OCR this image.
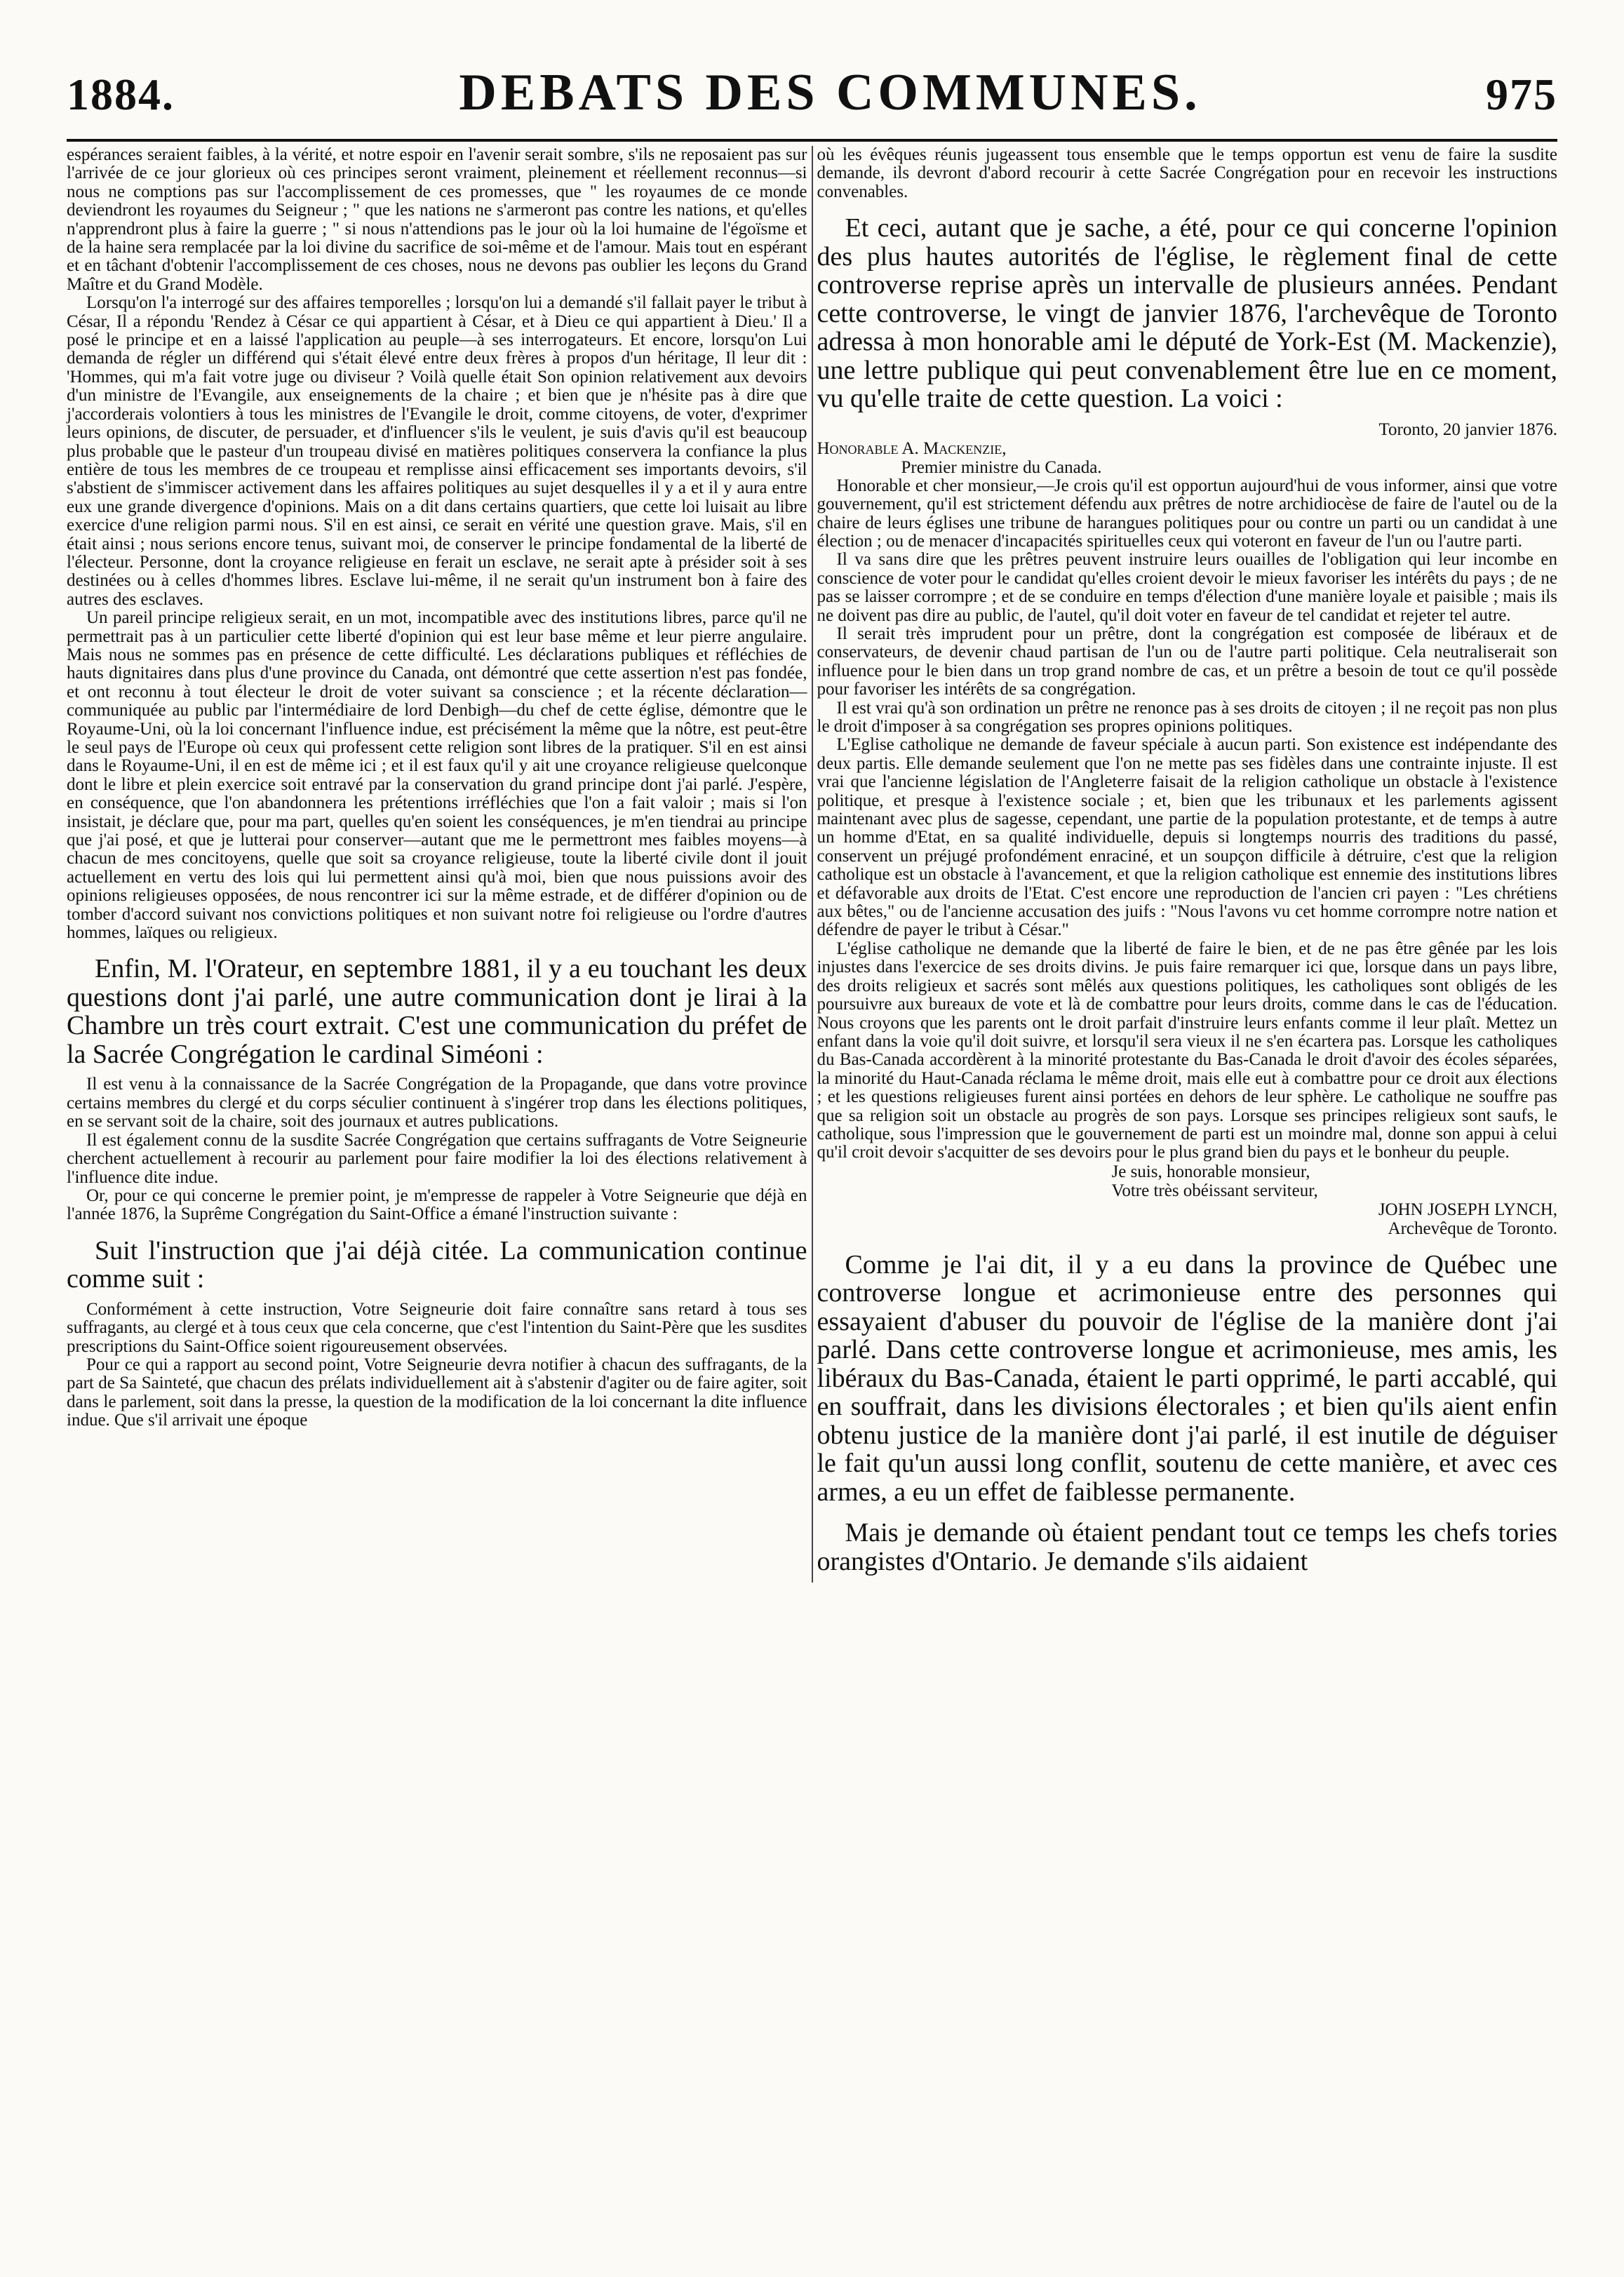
1884.	DEBATS DES COMMUNES.	975

espérances seraient faibles, à la vérité, et notre espoir en l'avenir serait sombre, s'ils ne reposaient pas sur l'arrivée de ce jour glorieux où ces principes seront vraiment, pleinement et réellement reconnus—si nous ne comptions pas sur l'accomplissement de ces promesses, que " les royaumes de ce monde deviendront les royaumes du Seigneur ; " que les nations ne s'armeront pas contre les nations, et qu'elles n'apprendront plus à faire la guerre ; " si nous n'attendions pas le jour où la loi humaine de l'égoïsme et de la haine sera remplacée par la loi divine du sacrifice de soi-même et de l'amour. Mais tout en espérant et en tâchant d'obtenir l'accomplissement de ces choses, nous ne devons pas oublier les leçons du Grand Maître et du Grand Modèle.

Lorsqu'on l'a interrogé sur des affaires temporelles ; lorsqu'on lui a demandé s'il fallait payer le tribut à César, Il a répondu 'Rendez à César ce qui appartient à César, et à Dieu ce qui appartient à Dieu.' Il a posé le principe et en a laissé l'application au peuple—à ses interrogateurs. Et encore, lorsqu'on Lui demanda de régler un différend qui s'était élevé entre deux frères à propos d'un héritage, Il leur dit : 'Hommes, qui m'a fait votre juge ou diviseur ? Voilà quelle était Son opinion relativement aux devoirs d'un ministre de l'Evangile, aux enseignements de la chaire ; et bien que je n'hésite pas à dire que j'accorderais volontiers à tous les ministres de l'Evangile le droit, comme citoyens, de voter, d'exprimer leurs opinions, de discuter, de persuader, et d'influencer s'ils le veulent, je suis d'avis qu'il est beaucoup plus probable que le pasteur d'un troupeau divisé en matières politiques conservera la confiance la plus entière de tous les membres de ce troupeau et remplisse ainsi efficacement ses importants devoirs, s'il s'abstient de s'immiscer activement dans les affaires politiques au sujet desquelles il y a et il y aura entre eux une grande divergence d'opinions. Mais on a dit dans certains quartiers, que cette loi luisait au libre exercice d'une religion parmi nous. S'il en est ainsi, ce serait en vérité une question grave. Mais, s'il en était ainsi ; nous serions encore tenus, suivant moi, de conserver le principe fondamental de la liberté de l'électeur. Personne, dont la croyance religieuse en ferait un esclave, ne serait apte à présider soit à ses destinées ou à celles d'hommes libres. Esclave lui-même, il ne serait qu'un instrument bon à faire des autres des esclaves.

Un pareil principe religieux serait, en un mot, incompatible avec des institutions libres, parce qu'il ne permettrait pas à un particulier cette liberté d'opinion qui est leur base même et leur pierre angulaire. Mais nous ne sommes pas en présence de cette difficulté. Les déclarations publiques et réfléchies de hauts dignitaires dans plus d'une province du Canada, ont démontré que cette assertion n'est pas fondée, et ont reconnu à tout électeur le droit de voter suivant sa conscience ; et la récente déclaration—communiquée au public par l'intermédiaire de lord Denbigh—du chef de cette église, démontre que le Royaume-Uni, où la loi concernant l'influence indue, est précisément la même que la nôtre, est peut-être le seul pays de l'Europe où ceux qui professent cette religion sont libres de la pratiquer. S'il en est ainsi dans le Royaume-Uni, il en est de même ici ; et il est faux qu'il y ait une croyance religieuse quelconque dont le libre et plein exercice soit entravé par la conservation du grand principe dont j'ai parlé. J'espère, en conséquence, que l'on abandonnera les prétentions irréfléchies que l'on a fait valoir ; mais si l'on insistait, je déclare que, pour ma part, quelles qu'en soient les conséquences, je m'en tiendrai au principe que j'ai posé, et que je lutterai pour conserver—autant que me le permettront mes faibles moyens—à chacun de mes concitoyens, quelle que soit sa croyance religieuse, toute la liberté civile dont il jouit actuellement en vertu des lois qui lui permettent ainsi qu'à moi, bien que nous puissions avoir des opinions religieuses opposées, de nous rencontrer ici sur la même estrade, et de différer d'opinion ou de tomber d'accord suivant nos convictions politiques et non suivant notre foi religieuse ou l'ordre d'autres hommes, laïques ou religieux.

Enfin, M. l'Orateur, en septembre 1881, il y a eu touchant les deux questions dont j'ai parlé, une autre communication dont je lirai à la Chambre un très court extrait. C'est une communication du préfet de la Sacrée Congrégation le cardinal Siméoni :

Il est venu à la connaissance de la Sacrée Congrégation de la Propagande, que dans votre province certains membres du clergé et du corps séculier continuent à s'ingérer trop dans les élections politiques, en se servant soit de la chaire, soit des journaux et autres publications.

Il est également connu de la susdite Sacrée Congrégation que certains suffragants de Votre Seigneurie cherchent actuellement à recourir au parlement pour faire modifier la loi des élections relativement à l'influence dite indue.

Or, pour ce qui concerne le premier point, je m'empresse de rappeler à Votre Seigneurie que déjà en l'année 1876, la Suprême Congrégation du Saint-Office a émané l'instruction suivante :

Suit l'instruction que j'ai déjà citée. La communication continue comme suit :

Conformément à cette instruction, Votre Seigneurie doit faire connaître sans retard à tous ses suffragants, au clergé et à tous ceux que cela concerne, que c'est l'intention du Saint-Père que les susdites prescriptions du Saint-Office soient rigoureusement observées.

Pour ce qui a rapport au second point, Votre Seigneurie devra notifier à chacun des suffragants, de la part de Sa Sainteté, que chacun des prélats individuellement ait à s'abstenir d'agiter ou de faire agiter, soit dans le parlement, soit dans la presse, la question de la modification de la loi concernant la dite influence indue. Que s'il arrivait une époque

où les évêques réunis jugeassent tous ensemble que le temps opportun est venu de faire la susdite demande, ils devront d'abord recourir à cette Sacrée Congrégation pour en recevoir les instructions convenables.

Et ceci, autant que je sache, a été, pour ce qui concerne l'opinion des plus hautes autorités de l'église, le règlement final de cette controverse reprise après un intervalle de plusieurs années. Pendant cette controverse, le vingt de janvier 1876, l'archevêque de Toronto adressa à mon honorable ami le député de York-Est (M. Mackenzie), une lettre publique qui peut convenablement être lue en ce moment, vu qu'elle traite de cette question. La voici :

Toronto, 20 janvier 1876.

Honorable A. Mackenzie,

Premier ministre du Canada.

Honorable et cher monsieur,—Je crois qu'il est opportun aujourd'hui de vous informer, ainsi que votre gouvernement, qu'il est strictement défendu aux prêtres de notre archidiocèse de faire de l'autel ou de la chaire de leurs églises une tribune de harangues politiques pour ou contre un parti ou un candidat à une élection ; ou de menacer d'incapacités spirituelles ceux qui voteront en faveur de l'un ou l'autre parti.

Il va sans dire que les prêtres peuvent instruire leurs ouailles de l'obligation qui leur incombe en conscience de voter pour le candidat qu'elles croient devoir le mieux favoriser les intérêts du pays ; de ne pas se laisser corrompre ; et de se conduire en temps d'élection d'une manière loyale et paisible ; mais ils ne doivent pas dire au public, de l'autel, qu'il doit voter en faveur de tel candidat et rejeter tel autre.

Il serait très imprudent pour un prêtre, dont la congrégation est composée de libéraux et de conservateurs, de devenir chaud partisan de l'un ou de l'autre parti politique. Cela neutraliserait son influence pour le bien dans un trop grand nombre de cas, et un prêtre a besoin de tout ce qu'il possède pour favoriser les intérêts de sa congrégation.

Il est vrai qu'à son ordination un prêtre ne renonce pas à ses droits de citoyen ; il ne reçoit pas non plus le droit d'imposer à sa congrégation ses propres opinions politiques.

L'Eglise catholique ne demande de faveur spéciale à aucun parti. Son existence est indépendante des deux partis. Elle demande seulement que l'on ne mette pas ses fidèles dans une contrainte injuste. Il est vrai que l'ancienne législation de l'Angleterre faisait de la religion catholique un obstacle à l'existence politique, et presque à l'existence sociale ; et, bien que les tribunaux et les parlements agissent maintenant avec plus de sagesse, cependant, une partie de la population protestante, et de temps à autre un homme d'Etat, en sa qualité individuelle, depuis si longtemps nourris des traditions du passé, conservent un préjugé profondément enraciné, et un soupçon difficile à détruire, c'est que la religion catholique est un obstacle à l'avancement, et que la religion catholique est ennemie des institutions libres et défavorable aux droits de l'Etat. C'est encore une reproduction de l'ancien cri payen : "Les chrétiens aux bêtes," ou de l'ancienne accusation des juifs : "Nous l'avons vu cet homme corrompre notre nation et défendre de payer le tribut à César."

L'église catholique ne demande que la liberté de faire le bien, et de ne pas être gênée par les lois injustes dans l'exercice de ses droits divins. Je puis faire remarquer ici que, lorsque dans un pays libre, des droits religieux et sacrés sont mêlés aux questions politiques, les catholiques sont obligés de les poursuivre aux bureaux de vote et là de combattre pour leurs droits, comme dans le cas de l'éducation. Nous croyons que les parents ont le droit parfait d'instruire leurs enfants comme il leur plaît. Mettez un enfant dans la voie qu'il doit suivre, et lorsqu'il sera vieux il ne s'en écartera pas. Lorsque les catholiques du Bas-Canada accordèrent à la minorité protestante du Bas-Canada le droit d'avoir des écoles séparées, la minorité du Haut-Canada réclama le même droit, mais elle eut à combattre pour ce droit aux élections ; et les questions religieuses furent ainsi portées en dehors de leur sphère. Le catholique ne souffre pas que sa religion soit un obstacle au progrès de son pays. Lorsque ses principes religieux sont saufs, le catholique, sous l'impression que le gouvernement de parti est un moindre mal, donne son appui à celui qu'il croit devoir s'acquitter de ses devoirs pour le plus grand bien du pays et le bonheur du peuple.

Je suis, honorable monsieur,

Votre très obéissant serviteur,

JOHN JOSEPH LYNCH,

Archevêque de Toronto.

Comme je l'ai dit, il y a eu dans la province de Québec une controverse longue et acrimonieuse entre des personnes qui essayaient d'abuser du pouvoir de l'église de la manière dont j'ai parlé. Dans cette controverse longue et acrimonieuse, mes amis, les libéraux du Bas-Canada, étaient le parti opprimé, le parti accablé, qui en souffrait, dans les divisions électorales ; et bien qu'ils aient enfin obtenu justice de la manière dont j'ai parlé, il est inutile de déguiser le fait qu'un aussi long conflit, soutenu de cette manière, et avec ces armes, a eu un effet de faiblesse permanente.

Mais je demande où étaient pendant tout ce temps les chefs tories orangistes d'Ontario. Je demande s'ils aidaient
